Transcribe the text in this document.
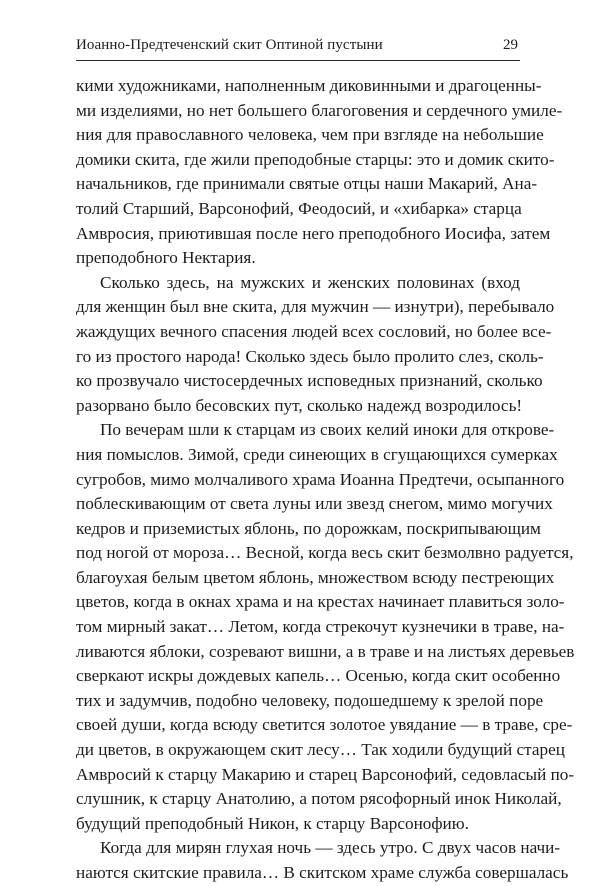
Иоанно-Предтеченский скит Оптиной пустыни	29
кими художниками, наполненным диковинными и драгоценны-
ми изделиями, но нет большего благоговения и сердечного умиле-
ния для православного человека, чем при взгляде на небольшие
домики скита, где жили преподобные старцы: это и домик скито-
начальников, где принимали святые отцы наши Макарий, Ана-
толий Старший, Варсонофий, Феодосий, и «хибарка» старца
Амвросия, приютившая после него преподобного Иосифа, затем
преподобного Нектария.
Сколько здесь, на мужских и женских половинах (вход
для женщин был вне скита, для мужчин — изнутри), перебывало
жаждущих вечного спасения людей всех сословий, но более все-
го из простого народа! Сколько здесь было пролито слез, сколь-
ко прозвучало чистосердечных исповедных признаний, сколько
разорвано было бесовских пут, сколько надежд возродилось!
По вечерам шли к старцам из своих келий иноки для открове-
ния помыслов. Зимой, среди синеющих в сгущающихся сумерках
сугробов, мимо молчаливого храма Иоанна Предтечи, осыпанного
поблескивающим от света луны или звезд снегом, мимо могучих
кедров и приземистых яблонь, по дорожкам, поскрипывающим
под ногой от мороза… Весной, когда весь скит безмолвно радуется,
благоухая белым цветом яблонь, множеством всюду пестреющих
цветов, когда в окнах храма и на крестах начинает плавиться золо-
том мирный закат… Летом, когда стрекочут кузнечики в траве, на-
ливаются яблоки, созревают вишни, а в траве и на листьях деревьев
сверкают искры дождевых капель… Осенью, когда скит особенно
тих и задумчив, подобно человеку, подошедшему к зрелой поре
своей души, когда всюду светится золотое увядание — в траве, сре-
ди цветов, в окружающем скит лесу… Так ходили будущий старец
Амвросий к старцу Макарию и старец Варсонофий, седовласый по-
слушник, к старцу Анатолию, а потом рясофорный инок Николай,
будущий преподобный Никон, к старцу Варсонофию.
Когда для мирян глухая ночь — здесь утро. С двух часов начи-
наются скитские правила… В скитском храме служба совершалась
